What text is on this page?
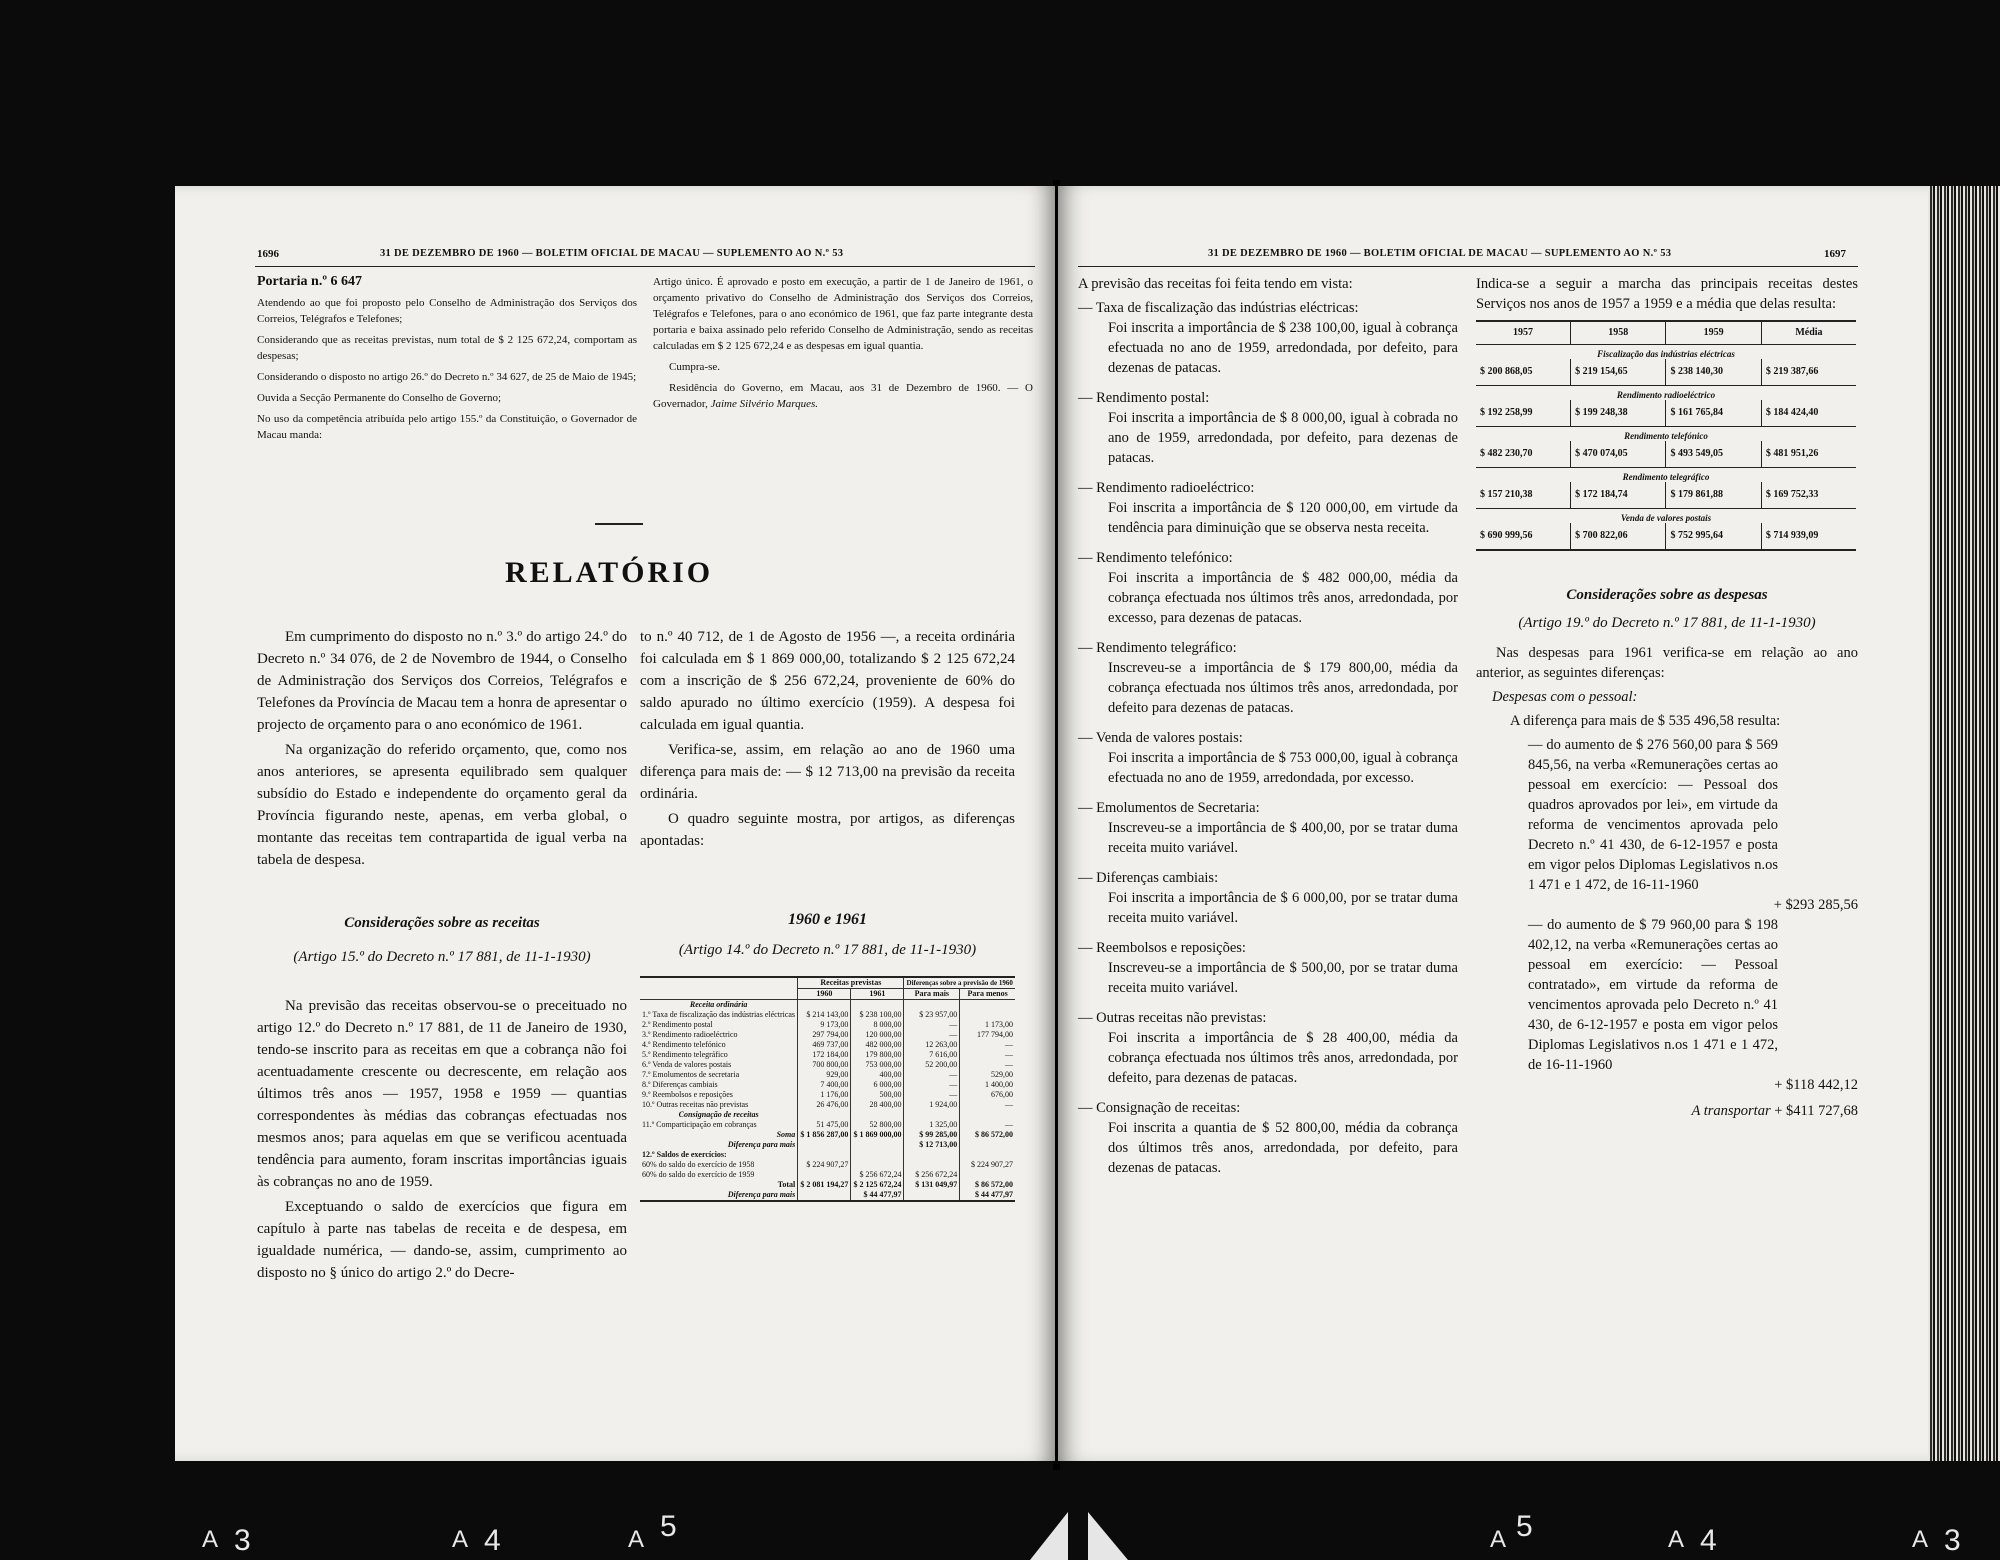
1696	31 DE DEZEMBRO DE 1960 — BOLETIM OFICIAL DE MACAU — SUPLEMENTO AO N.º 53

Portaria n.º 6 647

Atendendo ao que foi proposto pelo Conselho de Administração dos Serviços dos Correios, Telégrafos e Telefones;

Considerando que as receitas previstas, num total de $ 2 125 672,24, comportam as despesas;

Considerando o disposto no artigo 26.º do Decreto n.º 34 627, de 25 de Maio de 1945;

Ouvida a Secção Permanente do Conselho de Governo;

No uso da competência atribuída pelo artigo 155.º da Constituição, o Governador de Macau manda:

Artigo único. É aprovado e posto em execução, a partir de 1 de Janeiro de 1961, o orçamento privativo do Conselho de Administração dos Serviços dos Correios, Telégrafos e Telefones, para o ano económico de 1961, que faz parte integrante desta portaria e baixa assinado pelo referido Conselho de Administração, sendo as receitas calculadas em $ 2 125 672,24 e as despesas em igual quantia.

Cumpra-se.

Residência do Governo, em Macau, aos 31 de Dezembro de 1960. — O Governador, Jaime Silvério Marques.

RELATÓRIO

Em cumprimento do disposto no n.º 3.º do artigo 24.º do Decreto n.º 34 076, de 2 de Novembro de 1944, o Conselho de Administração dos Serviços dos Correios, Telégrafos e Telefones da Província de Macau tem a honra de apresentar o projecto de orçamento para o ano económico de 1961.

Na organização do referido orçamento, que, como nos anos anteriores, se apresenta equilibrado sem qualquer subsídio do Estado e independente do orçamento geral da Província figurando neste, apenas, em verba global, o montante das receitas tem contrapartida de igual verba na tabela de despesa.

Considerações sobre as receitas
(Artigo 15.º do Decreto n.º 17 881, de 11-1-1930)

Na previsão das receitas observou-se o preceituado no artigo 12.º do Decreto n.º 17 881, de 11 de Janeiro de 1930, tendo-se inscrito para as receitas em que a cobrança não foi acentuadamente crescente ou decrescente, em relação aos últimos três anos — 1957, 1958 e 1959 — quantias correspondentes às médias das cobranças efectuadas nos mesmos anos; para aquelas em que se verificou acentuada tendência para aumento, foram inscritas importâncias iguais às cobranças no ano de 1959.

Exceptuando o saldo de exercícios que figura em capítulo à parte nas tabelas de receita e de despesa, em igualdade numérica, — dando-se, assim, cumprimento ao disposto no § único do artigo 2.º do Decre-

to n.º 40 712, de 1 de Agosto de 1956 —, a receita ordinária foi calculada em $ 1 869 000,00, totalizando $ 2 125 672,24 com a inscrição de $ 256 672,24, proveniente de 60% do saldo apurado no último exercício (1959). A despesa foi calculada em igual quantia.

Verifica-se, assim, em relação ao ano de 1960 uma diferença para mais de: — $ 12 713,00 na previsão da receita ordinária.

O quadro seguinte mostra, por artigos, as diferenças apontadas:

1960 e 1961
(Artigo 14.º do Decreto n.º 17 881, de 11-1-1930)
	Receitas previstas		Diferenças sobre a previsão de 1960	
	1960	1961	Para mais	Para menos
Receita ordinária				
1.º Taxa de fiscalização das indústrias eléctricas	$ 214 143,00	$ 238 100,00	$ 23 957,00	
2.º Rendimento postal	9 173,00	8 000,00	—	1 173,00
3.º Rendimento radioeléctrico	297 794,00	120 000,00	—	177 794,00
4.º Rendimento telefónico	469 737,00	482 000,00	12 263,00	—
5.º Rendimento telegráfico	172 184,00	179 800,00	7 616,00	—
6.º Venda de valores postais	700 800,00	753 000,00	52 200,00	—
7.º Emolumentos de secretaria	929,00	400,00	—	529,00
8.º Diferenças cambiais	7 400,00	6 000,00	—	1 400,00
9.º Reembolsos e reposições	1 176,00	500,00	—	676,00
10.º Outras receitas não previstas	26 476,00	28 400,00	1 924,00	—
Consignação de receitas				
11.º Comparticipação em cobranças	51 475,00	52 800,00	1 325,00	—
Soma	$ 1 856 287,00	$ 1 869 000,00	$ 99 285,00	$ 86 572,00
Diferença para mais			$ 12 713,00	
12.º Saldos de exercícios:				
60% do saldo do exercício de 1958	$ 224 907,27			$ 224 907,27
60% do saldo do exercício de 1959		$ 256 672,24	$ 256 672,24	
Total	$ 2 081 194,27	$ 2 125 672,24	$ 131 049,97	$ 86 572,00
Diferença para mais		$ 44 477,97		$ 44 477,97
31 DE DEZEMBRO DE 1960 — BOLETIM OFICIAL DE MACAU — SUPLEMENTO AO N.º 53	1697

A previsão das receitas foi feita tendo em vista:

— Taxa de fiscalização das indústrias eléctricas:

Foi inscrita a importância de $ 238 100,00, igual à cobrança efectuada no ano de 1959, arredondada, por defeito, para dezenas de patacas.

— Rendimento postal:

Foi inscrita a importância de $ 8 000,00, igual à cobrada no ano de 1959, arredondada, por defeito, para dezenas de patacas.

— Rendimento radioeléctrico:

Foi inscrita a importância de $ 120 000,00, em virtude da tendência para diminuição que se observa nesta receita.

— Rendimento telefónico:

Foi inscrita a importância de $ 482 000,00, média da cobrança efectuada nos últimos três anos, arredondada, por excesso, para dezenas de patacas.

— Rendimento telegráfico:

Inscreveu-se a importância de $ 179 800,00, média da cobrança efectuada nos últimos três anos, arredondada, por defeito para dezenas de patacas.

— Venda de valores postais:

Foi inscrita a importância de $ 753 000,00, igual à cobrança efectuada no ano de 1959, arredondada, por excesso.

— Emolumentos de Secretaria:

Inscreveu-se a importância de $ 400,00, por se tratar duma receita muito variável.

— Diferenças cambiais:

Foi inscrita a importância de $ 6 000,00, por se tratar duma receita muito variável.

— Reembolsos e reposições:

Inscreveu-se a importância de $ 500,00, por se tratar duma receita muito variável.

— Outras receitas não previstas:

Foi inscrita a importância de $ 28 400,00, média da cobrança efectuada nos últimos três anos, arredondada, por defeito, para dezenas de patacas.

— Consignação de receitas:

Foi inscrita a quantia de $ 52 800,00, média da cobrança dos últimos três anos, arredondada, por defeito, para dezenas de patacas.

Indica-se a seguir a marcha das principais receitas destes Serviços nos anos de 1957 a 1959 e a média que delas resulta:

1957	1958	1959	Média
Fiscalização das indústrias eléctricas			
$ 200 868,05	$ 219 154,65	$ 238 140,30	$ 219 387,66
Rendimento radioeléctrico			
$ 192 258,99	$ 199 248,38	$ 161 765,84	$ 184 424,40
Rendimento telefónico			
$ 482 230,70	$ 470 074,05	$ 493 549,05	$ 481 951,26
Rendimento telegráfico			
$ 157 210,38	$ 172 184,74	$ 179 861,88	$ 169 752,33
Venda de valores postais			
$ 690 999,56	$ 700 822,06	$ 752 995,64	$ 714 939,09
Considerações sobre as despesas
(Artigo 19.º do Decreto n.º 17 881, de 11-1-1930)

Nas despesas para 1961 verifica-se em relação ao ano anterior, as seguintes diferenças:

Despesas com o pessoal:

A diferença para mais de $ 535 496,58 resulta:

— do aumento de $ 276 560,00 para $ 569 845,56, na verba «Remunerações certas ao pessoal em exercício: — Pessoal dos quadros aprovados por lei», em virtude da reforma de vencimentos aprovada pelo Decreto n.º 41 430, de 6-12-1957 e posta em vigor pelos Diplomas Legislativos n.os 1 471 e 1 472, de 16-11-1960

+ $293 285,56

— do aumento de $ 79 960,00 para $ 198 402,12, na verba «Remunerações certas ao pessoal em exercício: — Pessoal contratado», em virtude da reforma de vencimentos aprovada pelo Decreto n.º 41 430, de 6-12-1957 e posta em vigor pelos Diplomas Legislativos n.os 1 471 e 1 472, de 16-11-1960

+ $118 442,12

A transportar + $411 727,68

A 3	A 4	A 5	A 5	A 4	A 3
